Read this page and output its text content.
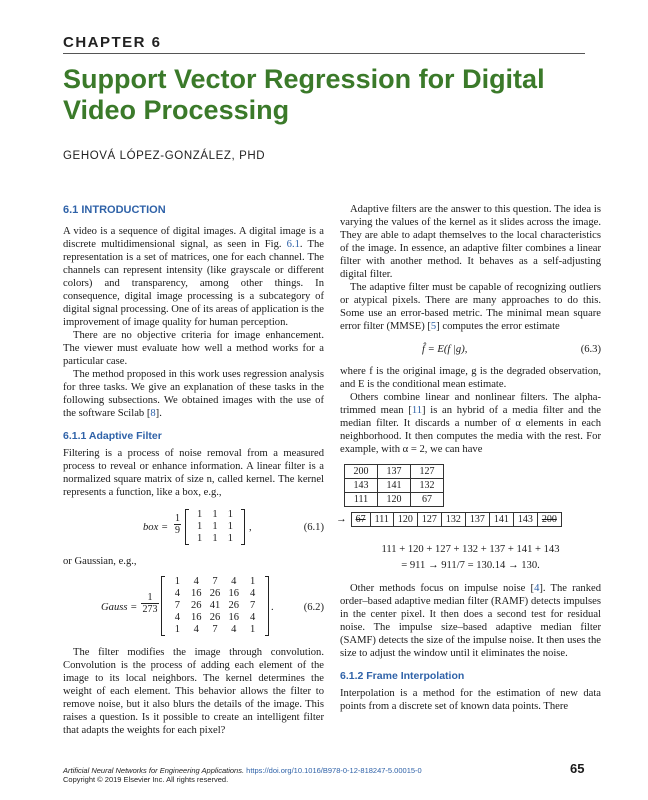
CHAPTER 6
Support Vector Regression for Digital Video Processing
GEHOVÁ LÓPEZ-GONZÁLEZ, PHD
6.1 INTRODUCTION

A video is a sequence of digital images. A digital image is a discrete multidimensional signal, as seen in Fig. 6.1. The representation is a set of matrices, one for each channel. The channels can represent intensity (like grayscale or different colors) and transparency, among other things. In consequence, digital image processing is a subcategory of digital signal processing. One of its areas of application is the improvement of image quality for human perception.

There are no objective criteria for image enhancement. The viewer must evaluate how well a method works for a particular case.

The method proposed in this work uses regression analysis for three tasks. We give an explanation of these tasks in the following subsections. We obtained images with the use of the software Scilab [8].

6.1.1 Adaptive Filter

Filtering is a process of noise removal from a measured process to reveal or enhance information. A linear filter is a normalized square matrix of size n, called kernel. The kernel represents a function, like a box, e.g.,

box = $\frac{1}{9}$	1 1 1
1 1 1
1 1 1
,	(6.1)

or Gaussian, e.g.,

Gauss = $\frac{1}{273}$
1	4	7	4	1
4	16 26 16	4
7	26 41 26	7
4	16 26 16	4
1	4	7	4	1
.	(6.2)

The filter modifies the image through convolution. Convolution is the process of adding each element of the image to its local neighbors. The kernel determines the weight of each element. This behavior allows the filter to remove noise, but it also blurs the details of the image. This raises a question. Is it possible to create an intelligent filter that adapts the weights for each pixel?

Adaptive filters are the answer to this question. The idea is varying the values of the kernel as it slides across the image. They are able to adapt themselves to the local characteristics of the image. In essence, an adaptive filter combines a linear filter with another method. It behaves as a self-adjusting digital filter.

The adaptive filter must be capable of recognizing outliers or atypical pixels. There are many approaches to do this. Some use an error-based metric. The minimal mean square error filter (MMSE) [5] computes the error estimate

f̂ = E(f |g),	(6.3)

where f is the original image, g is the degraded observation, and E is the conditional mean estimate.

Others combine linear and nonlinear filters. The alpha-trimmed mean [11] is an hybrid of a media filter and the median filter. It discards a number of α elements in each neighborhood. It then computes the media with the rest. For example, with α = 2, we can have

200	137	127
143	141	132
111	120	67
→ 67	111	120	127	132	137	141	143	200
111 + 120 + 127 + 132 + 137 + 141 + 143
= 911 → 911/7 = 130.14 → 130.

Other methods focus on impulse noise [4]. The ranked order–based adaptive median filter (RAMF) detects impulses in the center pixel. It then does a second test for residual noise. The impulse size–based adaptive median filter (SAMF) detects the size of the impulse noise. It then uses the size to adjust the window until it eliminates the noise.

6.1.2 Frame Interpolation

Interpolation is a method for the estimation of new data points from a discrete set of known data points. There

Artificial Neural Networks for Engineering Applications. https://doi.org/10.1016/B978-0-12-818247-5.00015-0
Copyright © 2019 Elsevier Inc. All rights reserved.
65
